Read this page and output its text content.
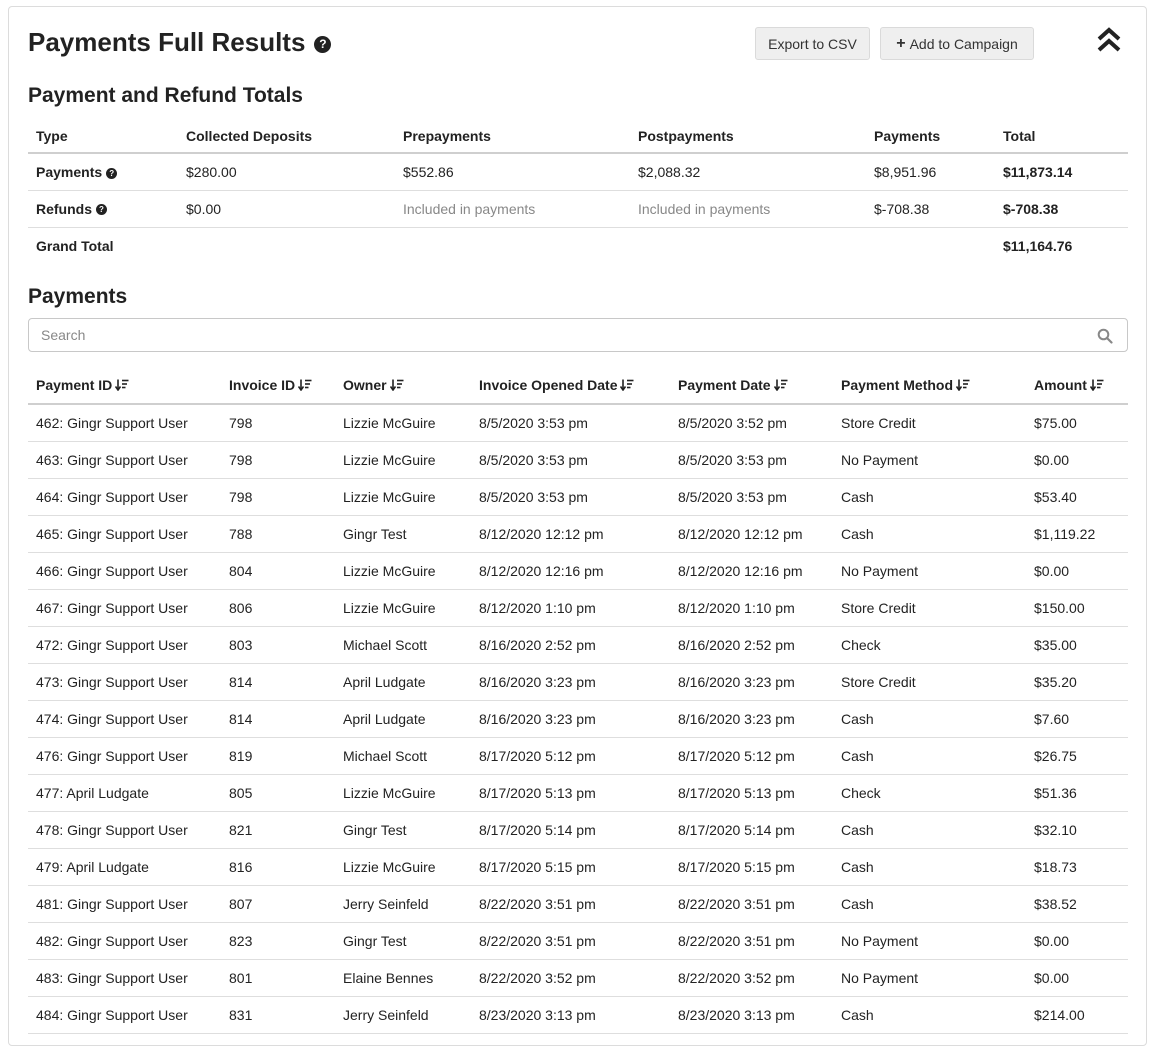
Payments Full Results	?	Export to CSV	+ Add to Campaign
Payment and Refund Totals
Type	Collected Deposits	Prepayments	Postpayments	Payments	Total
Payments ?	$280.00	$552.86	$2,088.32	$8,951.96	$11,873.14
Refunds ?	$0.00	Included in payments	Included in payments	$-708.38	$-708.38
Grand Total					$11,164.76
Payments
Search
Payment ID	Invoice ID	Owner	Invoice Opened Date	Payment Date	Payment Method	Amount
462: Gingr Support User	798	Lizzie McGuire	8/5/2020 3:53 pm	8/5/2020 3:52 pm	Store Credit	$75.00
463: Gingr Support User	798	Lizzie McGuire	8/5/2020 3:53 pm	8/5/2020 3:53 pm	No Payment	$0.00
464: Gingr Support User	798	Lizzie McGuire	8/5/2020 3:53 pm	8/5/2020 3:53 pm	Cash	$53.40
465: Gingr Support User	788	Gingr Test	8/12/2020 12:12 pm	8/12/2020 12:12 pm	Cash	$1,119.22
466: Gingr Support User	804	Lizzie McGuire	8/12/2020 12:16 pm	8/12/2020 12:16 pm	No Payment	$0.00
467: Gingr Support User	806	Lizzie McGuire	8/12/2020 1:10 pm	8/12/2020 1:10 pm	Store Credit	$150.00
472: Gingr Support User	803	Michael Scott	8/16/2020 2:52 pm	8/16/2020 2:52 pm	Check	$35.00
473: Gingr Support User	814	April Ludgate	8/16/2020 3:23 pm	8/16/2020 3:23 pm	Store Credit	$35.20
474: Gingr Support User	814	April Ludgate	8/16/2020 3:23 pm	8/16/2020 3:23 pm	Cash	$7.60
476: Gingr Support User	819	Michael Scott	8/17/2020 5:12 pm	8/17/2020 5:12 pm	Cash	$26.75
477: April Ludgate	805	Lizzie McGuire	8/17/2020 5:13 pm	8/17/2020 5:13 pm	Check	$51.36
478: Gingr Support User	821	Gingr Test	8/17/2020 5:14 pm	8/17/2020 5:14 pm	Cash	$32.10
479: April Ludgate	816	Lizzie McGuire	8/17/2020 5:15 pm	8/17/2020 5:15 pm	Cash	$18.73
481: Gingr Support User	807	Jerry Seinfeld	8/22/2020 3:51 pm	8/22/2020 3:51 pm	Cash	$38.52
482: Gingr Support User	823	Gingr Test	8/22/2020 3:51 pm	8/22/2020 3:51 pm	No Payment	$0.00
483: Gingr Support User	801	Elaine Bennes	8/22/2020 3:52 pm	8/22/2020 3:52 pm	No Payment	$0.00
484: Gingr Support User	831	Jerry Seinfeld	8/23/2020 3:13 pm	8/23/2020 3:13 pm	Cash	$214.00
